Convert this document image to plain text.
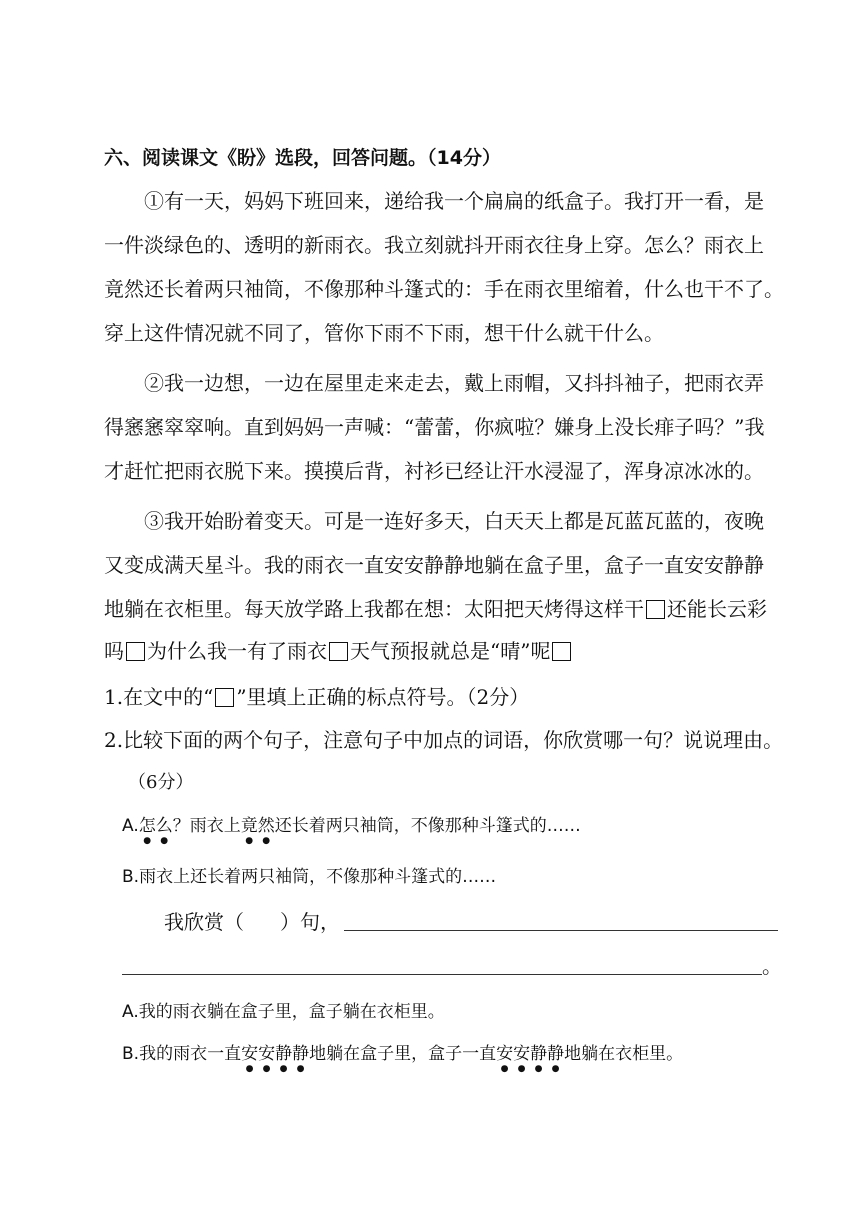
六、阅读课文《盼》选段，回答问题。（14分）
①有一天，妈妈下班回来，递给我一个扁扁的纸盒子。我打开一看，是
一件淡绿色的、透明的新雨衣。我立刻就抖开雨衣往身上穿。怎么？雨衣上
竟然还长着两只袖筒，不像那种斗篷式的：手在雨衣里缩着，什么也干不了。
穿上这件情况就不同了，管你下雨不下雨，想干什么就干什么。
②我一边想，一边在屋里走来走去，戴上雨帽，又抖抖袖子，把雨衣弄
得窸窸窣窣响。直到妈妈一声喊：“蕾蕾，你疯啦？嫌身上没长痱子吗？”我
才赶忙把雨衣脱下来。摸摸后背，衬衫已经让汗水浸湿了，浑身凉冰冰的。
③我开始盼着变天。可是一连好多天，白天天上都是瓦蓝瓦蓝的，夜晚
又变成满天星斗。我的雨衣一直安安静静地躺在盒子里，盒子一直安安静静
地躺在衣柜里。每天放学路上我都在想：太阳把天烤得这样干 还能长云彩
吗 为什么我一有了雨衣 天气预报就总是“晴”呢
1.在文中的“ ”里填上正确的标点符号。（2分）
2.比较下面的两个句子，注意句子中加点的词语，你欣赏哪一句？说说理由。
（6分）
A.怎么？雨衣上竟然还长着两只袖筒，不像那种斗篷式的……
B.雨衣上还长着两只袖筒，不像那种斗篷式的……
我欣赏（ ）句，
。
A.我的雨衣躺在盒子里，盒子躺在衣柜里。
B.我的雨衣一直安安静静地躺在盒子里，盒子一直安安静静地躺在衣柜里。
